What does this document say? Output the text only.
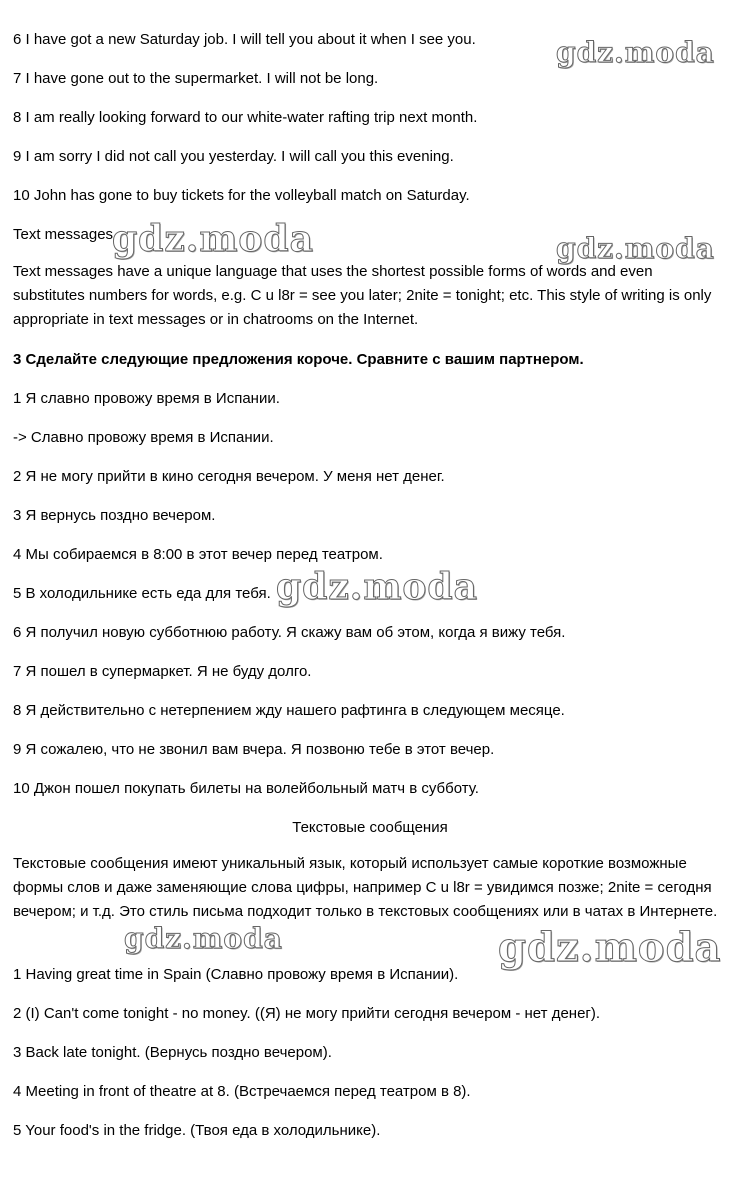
6 I have got a new Saturday job. I will tell you about it when I see you.
7 I have gone out to the supermarket. I will not be long.
8 I am really looking forward to our white-water rafting trip next month.
9 I am sorry I did not call you yesterday. I will call you this evening.
10 John has gone to buy tickets for the volleyball match on Saturday.
Text messages
Text messages have a unique language that uses the shortest possible forms of words and even substitutes numbers for words, e.g. C u l8r = see you later; 2nite = tonight; etc. This style of writing is only appropriate in text messages or in chatrooms on the Internet.
3 Сделайте следующие предложения короче. Сравните с вашим партнером.
1 Я славно провожу время в Испании.
-> Славно провожу время в Испании.
2 Я не могу прийти в кино сегодня вечером. У меня нет денег.
3 Я вернусь поздно вечером.
4 Мы собираемся в 8:00 в этот вечер перед театром.
5 В холодильнике есть еда для тебя.
6 Я получил новую субботнюю работу. Я скажу вам об этом, когда я вижу тебя.
7 Я пошел в супермаркет. Я не буду долго.
8 Я действительно с нетерпением жду нашего рафтинга в следующем месяце.
9 Я сожалею, что не звонил вам вчера. Я позвоню тебе в этот вечер.
10 Джон пошел покупать билеты на волейбольный матч в субботу.
Текстовые сообщения
Текстовые сообщения имеют уникальный язык, который использует самые короткие возможные формы слов и даже заменяющие слова цифры, например C u l8r = увидимся позже; 2nite = сегодня вечером; и т.д. Это стиль письма подходит только в текстовых сообщениях или в чатах в Интернете.
1 Having great time in Spain (Славно провожу время в Испании).
2 (I) Can't come tonight - no money. ((Я) не могу прийти сегодня вечером - нет денег).
3 Back late tonight. (Вернусь поздно вечером).
4 Meeting in front of theatre at 8. (Встречаемся перед театром в 8).
5 Your food's in the fridge. (Твоя еда в холодильнике).
gdz.moda
gdz.moda	gdz.moda
gdz.moda
gdz.moda	gdz.moda
